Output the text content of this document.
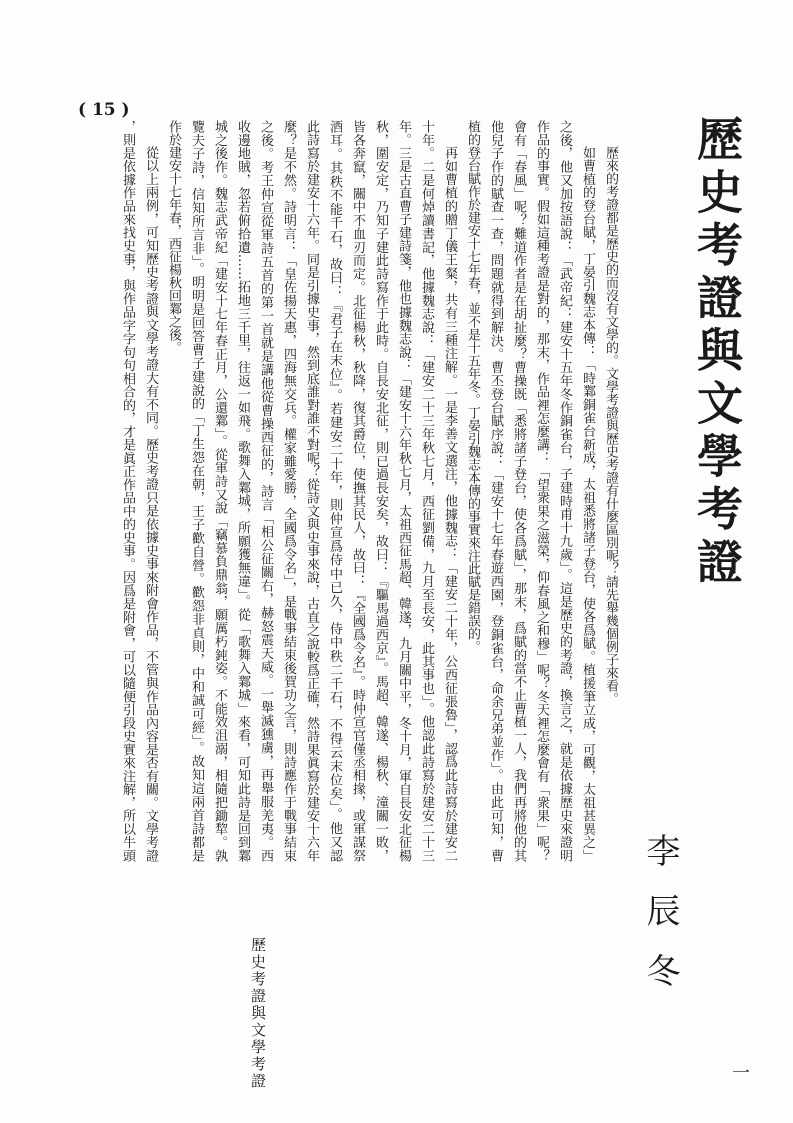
( 15 )
歷史考證與文學考證
李辰冬
歷來的考證都是歷史的而沒有文學的。文學考證與歷史考證有什麼區別呢？請先舉幾個例子來看。
如曹植的登台賦，丁晏引魏志本傳：「時鄴銅雀台新成，太祖悉將諸子登台，使各爲賦。植援筆立成，可觀，太祖甚異之」
之後，他又加按語說：「武帝紀：建安十五年冬作銅雀台，子建時甫十九歲」。這是歷史的考證，換言之，就是依據歷史來證明
作品的事實。假如這種考證是對的，那末，作品裡怎麼講：「望衆果之滋榮，仰春風之和穆」呢？冬天裡怎麼會有「衆果」呢？
會有「春風」呢？難道作者是在胡扯麼？曹操既「悉將諸子登台，使各爲賦」，那末，爲賦的當不止曹植一人，我們再將他的其
他兒子作的賦查一查，問題就得到解決。曹丕登台賦序說：「建安十七年春遊西園，登銅雀台，命余兄弟並作」。由此可知，曹
植的登台賦作於建安十七年春，並不是十五年冬。丁晏引魏志本傳的事實來注此賦是錯誤的。
再如曹植的贈丁儀王粲，共有三種注解。一是李善文選注，他據魏志：「建安二十年，公西征張魯」，認爲此詩寫於建安二
十年。二是何焯讀書記，他據魏志說：「建安二十三年秋七月，西征劉備，九月至長安，此其事也」。他認此詩寫於建安二十三
年。三是古直曹子建詩箋，他也據魏志說：「建安十六年秋七月，太祖西征馬超、韓遂，九月關中平，冬十月，軍自長安北征楊
秋，圍安定，乃知子建此詩寫作于此時。自長安北征，則已過長安矣，故曰：『驅馬過西京』。馬超、韓遂、楊秋、潼關一敗，
皆各奔竄，關中不血刃而定。北征楊秋，秋降，復其爵位，使撫其民人，故曰：『全國爲令名』。時仲宣官僅丞相掾，或軍謀祭
酒耳。其秩不能千石，故曰：『君子在末位』。若建安二十年，則仲宣爲侍中已久，侍中秩二千石，不得云末位矣」。他又認
此詩寫於建安十六年。同是引據史事，然到底誰對誰不對呢？從詩文與史事來說，古直之說較爲正確，然詩果眞寫於建安十六年
麼？是不然。詩明言：「皇佐揚天惠，四海無交兵。權家雖愛勝，全國爲令名」，是戰事結束後賀功之言，則詩應作于戰事結束
之後。考王仲宣從軍詩五首的第一首就是講他從曹操西征的，詩言「相公征關右，赫怒震天威。一舉滅獯虜，再舉服羌夷。西
收邊地賊，忽若俯拾遺……拓地三千里，往返一如飛。歌舞入鄴城，所願獲無違」。從「歌舞入鄴城」來看，可知此詩是回到鄴
城之後作。魏志武帝紀「建安十七年春正月，公還鄴」。從軍詩又說「竊慕負鼎翁，願厲朽鈍姿。不能效沮溺，相隨把鋤犂。孰
覽夫子詩，信知所言非」。明明是回答曹子建說的「丁生怨在朝，王子歡自營。歡怨非貞則，中和誠可經」。故知這兩首詩都是
作於建安十七年春，西征楊秋回鄴之後。
從以上兩例，可知歷史考證與文學考證大有不同。歷史考證只是依據史事來附會作品，不管與作品內容是否有關。文學考證
，則是依據作品來找史事，與作品字字句句相合的，才是眞正作品中的史事。因爲是附會，可以隨便引段史實來注解，所以牛頭
歷史考證與文學考證	一
